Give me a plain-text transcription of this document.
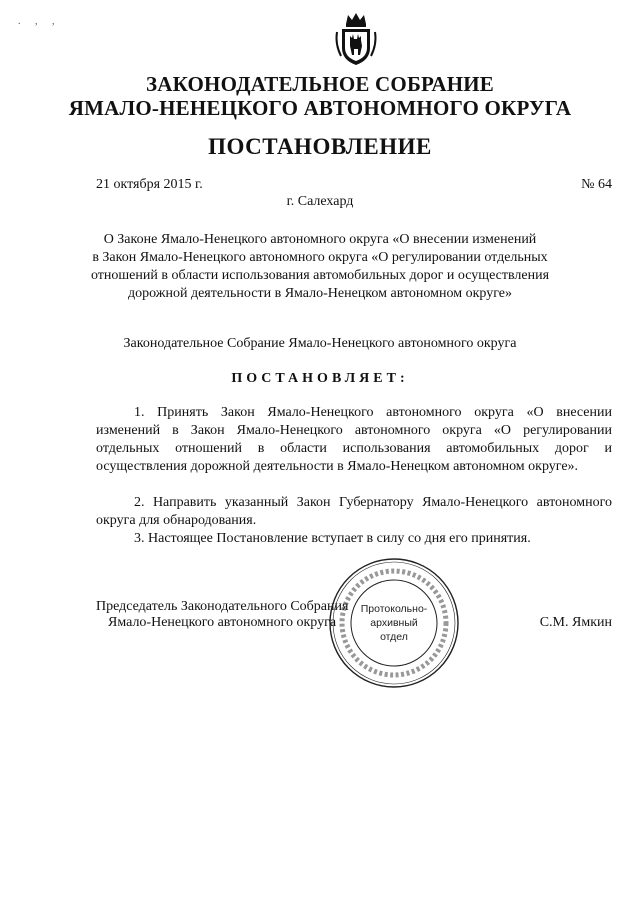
. , ,
ЗАКОНОДАТЕЛЬНОЕ СОБРАНИЕ
ЯМАЛО-НЕНЕЦКОГО АВТОНОМНОГО ОКРУГА
ПОСТАНОВЛЕНИЕ
21 октября 2015 г.	№ 64
г. Салехард
О Законе Ямало-Ненецкого автономного округа «О внесении изменений
в Закон Ямало-Ненецкого автономного округа «О регулировании отдельных
отношений в области использования автомобильных дорог и осуществления
дорожной деятельности в Ямало-Ненецком автономном округе»
Законодательное Собрание Ямало-Ненецкого автономного округа
ПОСТАНОВЛЯЕТ:
1. Принять Закон Ямало-Ненецкого автономного округа «О внесении изменений в Закон Ямало-Ненецкого автономного округа «О регулировании отдельных отношений в области использования автомобильных дорог и осуществления дорожной деятельности в Ямало-Ненецком автономном округе».
2. Направить указанный Закон Губернатору Ямало-Ненецкого автономного округа для обнародования.
3. Настоящее Постановление вступает в силу со дня его принятия.
Председатель Законодательного Собрания
Ямало-Ненецкого автономного округа	С.М. Ямкин
Протокольно-
архивный
отдел
